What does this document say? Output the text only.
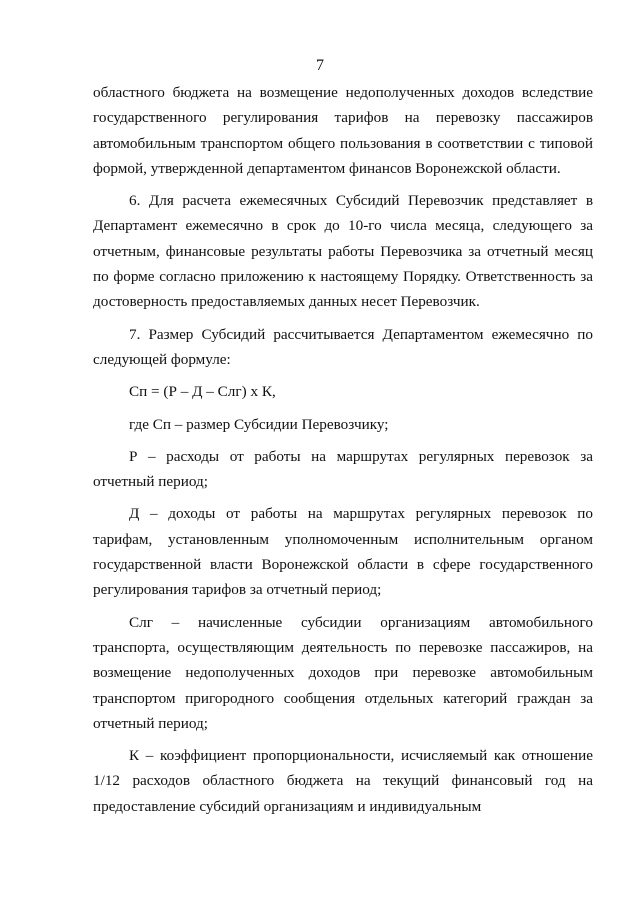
7

областного бюджета на возмещение недополученных доходов вследствие государственного регулирования тарифов на перевозку пассажиров автомобильным транспортом общего пользования в соответствии с типовой формой, утвержденной департаментом финансов Воронежской области.

6. Для расчета ежемесячных Субсидий Перевозчик представляет в Департамент ежемесячно в срок до 10-го числа месяца, следующего за отчетным, финансовые результаты работы Перевозчика за отчетный месяц по форме согласно приложению к настоящему Порядку. Ответственность за достоверность предоставляемых данных несет Перевозчик.

7. Размер Субсидий рассчитывается Департаментом ежемесячно по следующей формуле:

Сп = (Р – Д – Слг) х К,

где Сп – размер Субсидии Перевозчику;

Р – расходы от работы на маршрутах регулярных перевозок за отчетный период;

Д – доходы от работы на маршрутах регулярных перевозок по тарифам, установленным уполномоченным исполнительным органом государственной власти Воронежской области в сфере государственного регулирования тарифов за отчетный период;

Слг – начисленные субсидии организациям автомобильного транспорта, осуществляющим деятельность по перевозке пассажиров, на возмещение недополученных доходов при перевозке автомобильным транспортом пригородного сообщения отдельных категорий граждан за отчетный период;

К – коэффициент пропорциональности, исчисляемый как отношение 1/12 расходов областного бюджета на текущий финансовый год на предоставление субсидий организациям и индивидуальным
